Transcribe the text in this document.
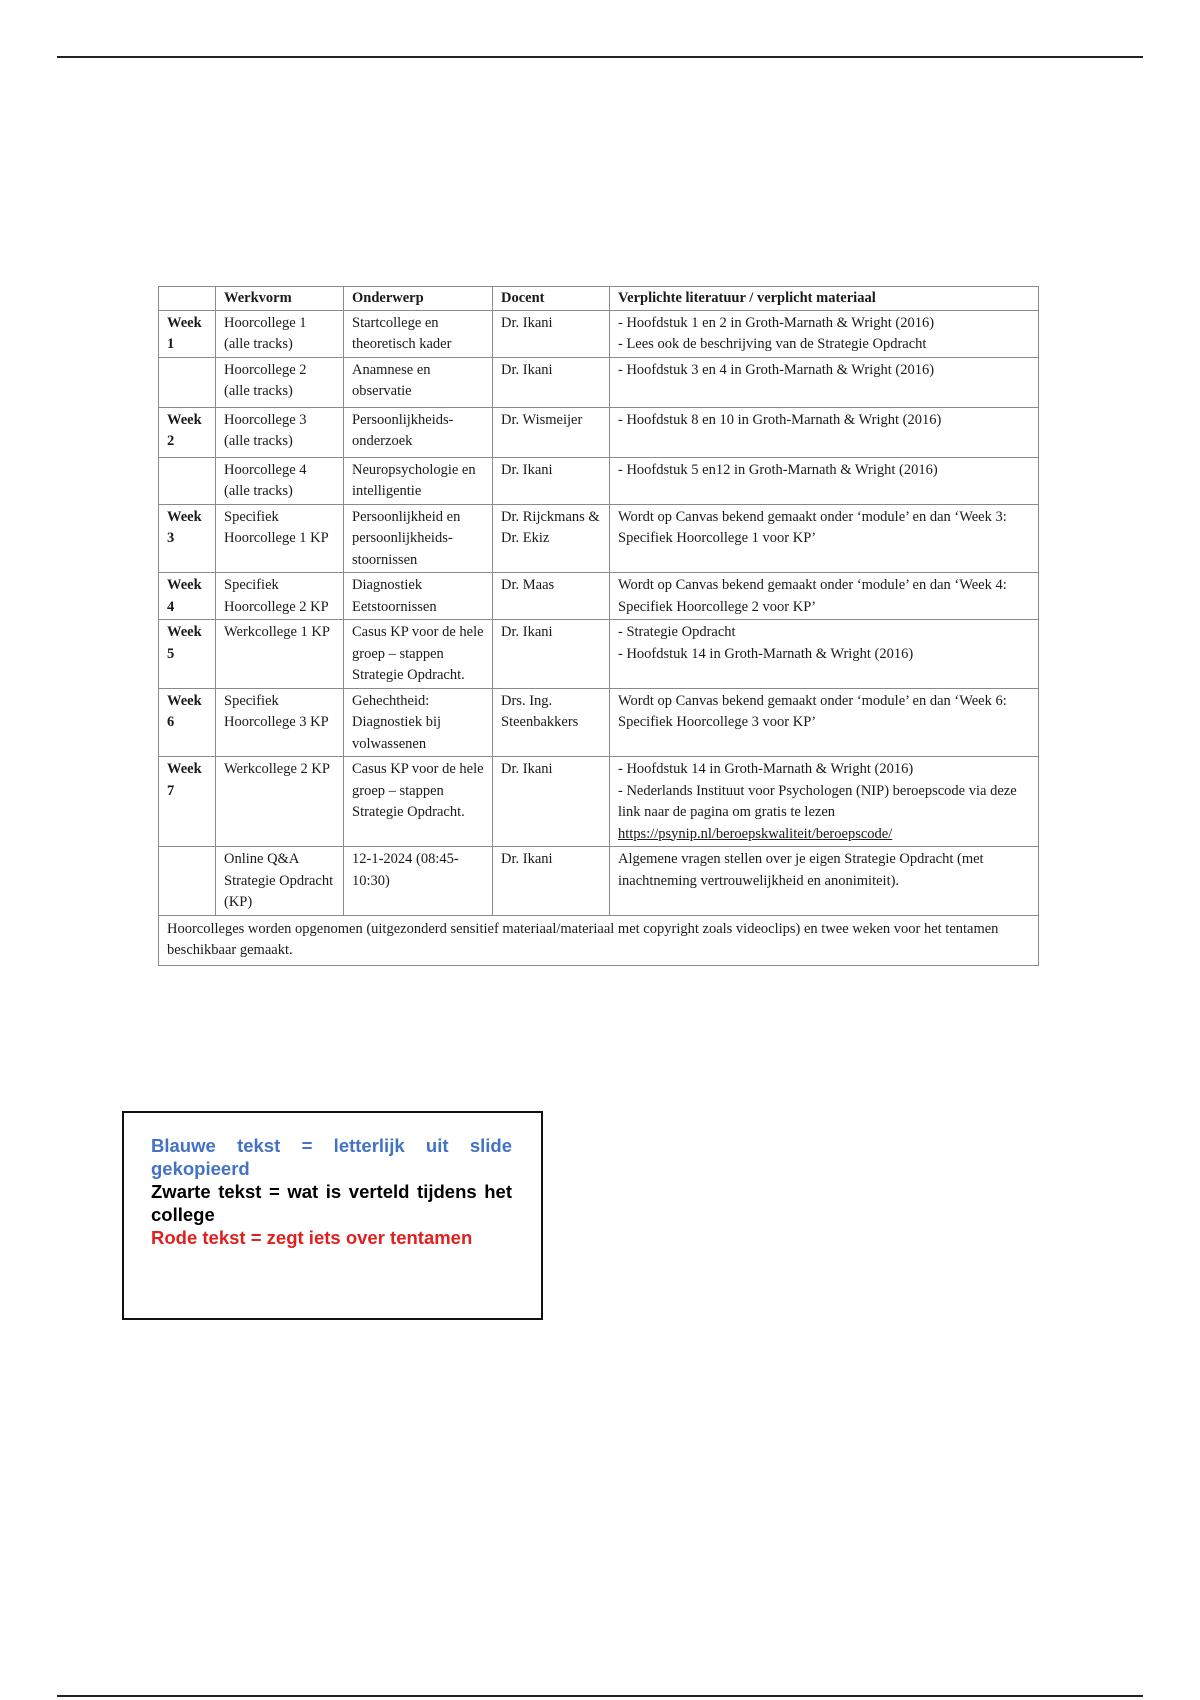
	Werkvorm	Onderwerp	Docent	Verplichte literatuur / verplicht materiaal
Week 1	Hoorcollege 1 (alle tracks)	Startcollege en theoretisch kader	Dr. Ikani	- Hoofdstuk 1 en 2 in Groth-Marnath & Wright (2016)
- Lees ook de beschrijving van de Strategie Opdracht

	Hoorcollege 2 (alle tracks)	Anamnese en observatie	Dr. Ikani	- Hoofdstuk 3 en 4 in Groth-Marnath & Wright (2016)

Week 2	Hoorcollege 3 (alle tracks)	Persoonlijkheids-onderzoek	Dr. Wismeijer	- Hoofdstuk 8 en 10 in Groth-Marnath & Wright (2016)

	Hoorcollege 4 (alle tracks)	Neuropsychologie en intelligentie	Dr. Ikani	- Hoofdstuk 5 en12 in Groth-Marnath & Wright (2016)

Week 3	Specifiek Hoorcollege 1 KP	Persoonlijkheid en persoonlijkheids-stoornissen	Dr. Rijckmans & Dr. Ekiz	Wordt op Canvas bekend gemaakt onder ‘module’ en dan ‘Week 3: Specifiek Hoorcollege 1 voor KP’

Week 4	Specifiek Hoorcollege 2 KP	Diagnostiek Eetstoornissen	Dr. Maas	Wordt op Canvas bekend gemaakt onder ‘module’ en dan ‘Week 4: Specifiek Hoorcollege 2 voor KP’

Week 5	Werkcollege 1 KP	Casus KP voor de hele groep – stappen Strategie Opdracht.	Dr. Ikani	- Strategie Opdracht
- Hoofdstuk 14 in Groth-Marnath & Wright (2016)

Week 6	Specifiek Hoorcollege 3 KP	Gehechtheid: Diagnostiek bij volwassenen	Drs. Ing. Steenbakkers	Wordt op Canvas bekend gemaakt onder ‘module’ en dan ‘Week 6: Specifiek Hoorcollege 3 voor KP’

Week 7	Werkcollege 2 KP	Casus KP voor de hele groep – stappen Strategie Opdracht.	Dr. Ikani	- Hoofdstuk 14 in Groth-Marnath & Wright (2016)
- Nederlands Instituut voor Psychologen (NIP) beroepscode via deze link naar de pagina om gratis te lezen
https://psynip.nl/beroepskwaliteit/beroepscode/

	Online Q&A Strategie Opdracht (KP)	12-1-2024 (08:45-10:30)	Dr. Ikani	Algemene vragen stellen over je eigen Strategie Opdracht (met inachtneming vertrouwelijkheid en anonimiteit).

Hoorcolleges worden opgenomen (uitgezonderd sensitief materiaal/materiaal met copyright zoals videoclips) en twee weken voor het tentamen beschikbaar gemaakt.				
Blauwe tekst = letterlijk uit slide gekopieerd
Zwarte tekst = wat is verteld tijdens het college
Rode tekst = zegt iets over tentamen
